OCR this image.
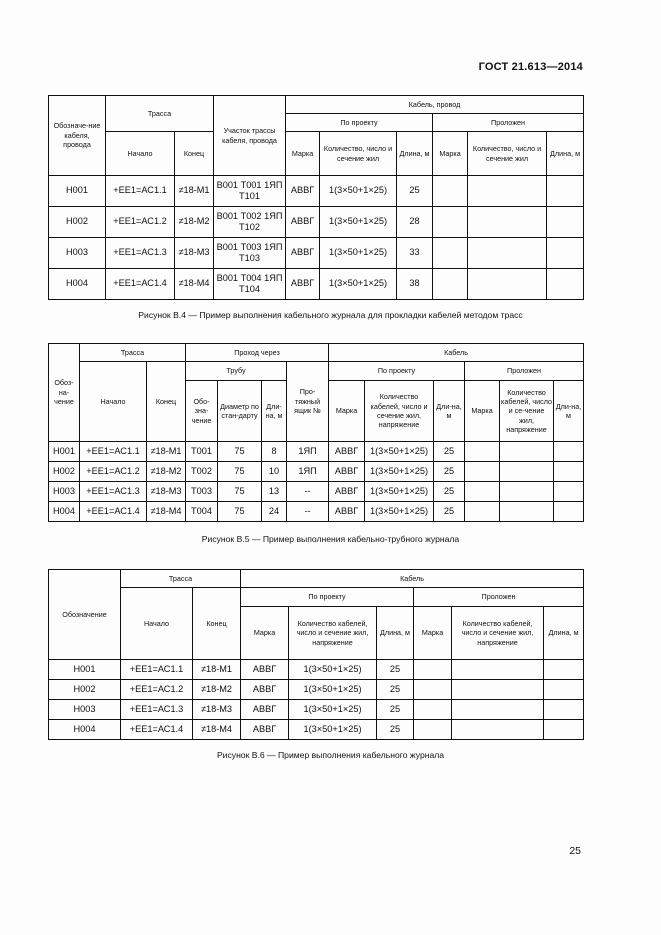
ГОСТ 21.613—2014
Обозначе-ние кабеля, провода	Трасса		Участок трассы кабеля, провода	Кабель, провод					
				По проекту			Проложен		
	Начало	Конец		Марка	Количество, число и сечение жил	Длина, м	Марка	Количество, число и сечение жил	Длина, м
Н001	+ЕЕ1=АС1.1	≠18-М1	В001 Т001 1ЯП Т101	АВВГ	1(3×50+1×25)	25			
Н002	+ЕЕ1=АС1.2	≠18-М2	В001 Т002 1ЯП Т102	АВВГ	1(3×50+1×25)	28			
Н003	+ЕЕ1=АС1.3	≠18-М3	В001 Т003 1ЯП Т103	АВВГ	1(3×50+1×25)	33			
Н004	+ЕЕ1=АС1.4	≠18-М4	В001 Т004 1ЯП Т104	АВВГ	1(3×50+1×25)	38			
Рисунок В.4 — Пример выполнения кабельного журнала для прокладки кабелей методом трасс
Обоз-на-чение	Трасса		Проход через				Кабель					
	Начало	Конец	Трубу			Про-тяжный ящик №	По проекту			Проложен		
			Обо-зна-чение	Диаметр по стан-дарту	Дли-на, м		Марка	Количество кабелей, число и сечение жил, напряжение	Дли-на, м	Марка	Количество кабелей, число и се-чение жил, напряжение	Дли-на, м
Н001	+ЕЕ1=АС1.1	≠18-М1	Т001	75	8	1ЯП	АВВГ	1(3×50+1×25)	25			
Н002	+ЕЕ1=АС1.2	≠18-М2	Т002	75	10	1ЯП	АВВГ	1(3×50+1×25)	25			
Н003	+ЕЕ1=АС1.3	≠18-М3	Т003	75	13	--	АВВГ	1(3×50+1×25)	25			
Н004	+ЕЕ1=АС1.4	≠18-М4	Т004	75	24	--	АВВГ	1(3×50+1×25)	25			
Рисунок В.5 — Пример выполнения кабельно-трубного журнала
Обозначение	Трасса		Кабель					
	Начало	Конец	По проекту			Проложен		
			Марка	Количество кабелей, число и сечение жил, напряжение	Длина, м	Марка	Количество кабелей, число и сечение жил, напряжение	Длина, м
Н001	+ЕЕ1=АС1.1	≠18-М1	АВВГ	1(3×50+1×25)	25			
Н002	+ЕЕ1=АС1.2	≠18-М2	АВВГ	1(3×50+1×25)	25			
Н003	+ЕЕ1=АС1.3	≠18-М3	АВВГ	1(3×50+1×25)	25			
Н004	+ЕЕ1=АС1.4	≠18-М4	АВВГ	1(3×50+1×25)	25			
Рисунок В.6 — Пример выполнения кабельного журнала
25
